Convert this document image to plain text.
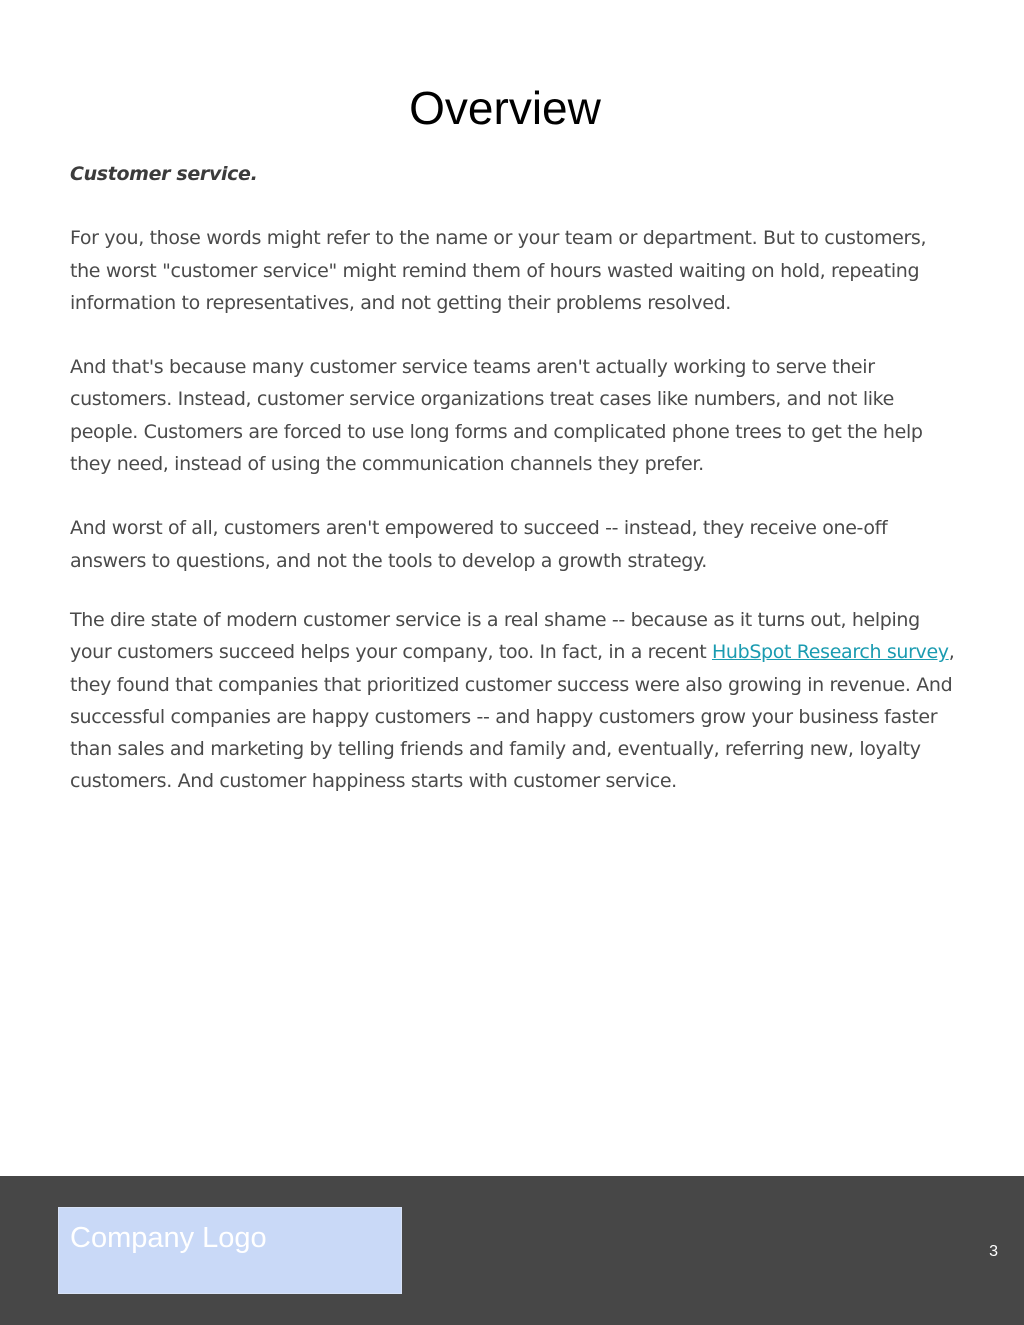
Overview

Customer service.

For you, those words might refer to the name or your team or department. But to customers, the worst "customer service" might remind them of hours wasted waiting on hold, repeating information to representatives, and not getting their problems resolved.

And that's because many customer service teams aren't actually working to serve their customers. Instead, customer service organizations treat cases like numbers, and not like people. Customers are forced to use long forms and complicated phone trees to get the help they need, instead of using the communication channels they prefer.

And worst of all, customers aren't empowered to succeed -- instead, they receive one-off answers to questions, and not the tools to develop a growth strategy.

The dire state of modern customer service is a real shame -- because as it turns out, helping your customers succeed helps your company, too. In fact, in a recent HubSpot Research survey, they found that companies that prioritized customer success were also growing in revenue. And successful companies are happy customers -- and happy customers grow your business faster than sales and marketing by telling friends and family and, eventually, referring new, loyalty customers. And customer happiness starts with customer service.

Company Logo	3
